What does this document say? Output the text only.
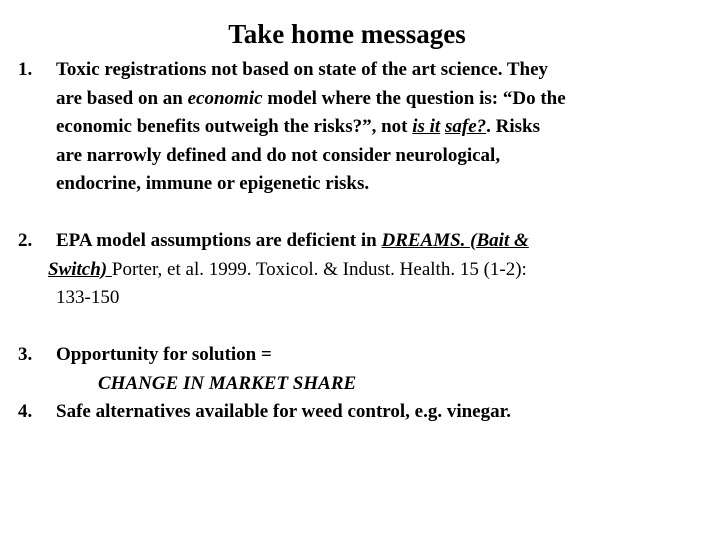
Take home messages
1.	Toxic registrations not based on state of the art science. They
are based on an economic model where the question is: “Do the
economic benefits outweigh the risks?”, not is it safe?. Risks
are narrowly defined and do not consider neurological,
endocrine, immune or epigenetic risks.
2.	EPA model assumptions are deficient in DREAMS. (Bait &
Switch) Porter, et al. 1999. Toxicol. & Indust. Health. 15 (1-2):
133-150
3.	Opportunity for solution =
CHANGE IN MARKET SHARE
4.	Safe alternatives available for weed control, e.g. vinegar.
